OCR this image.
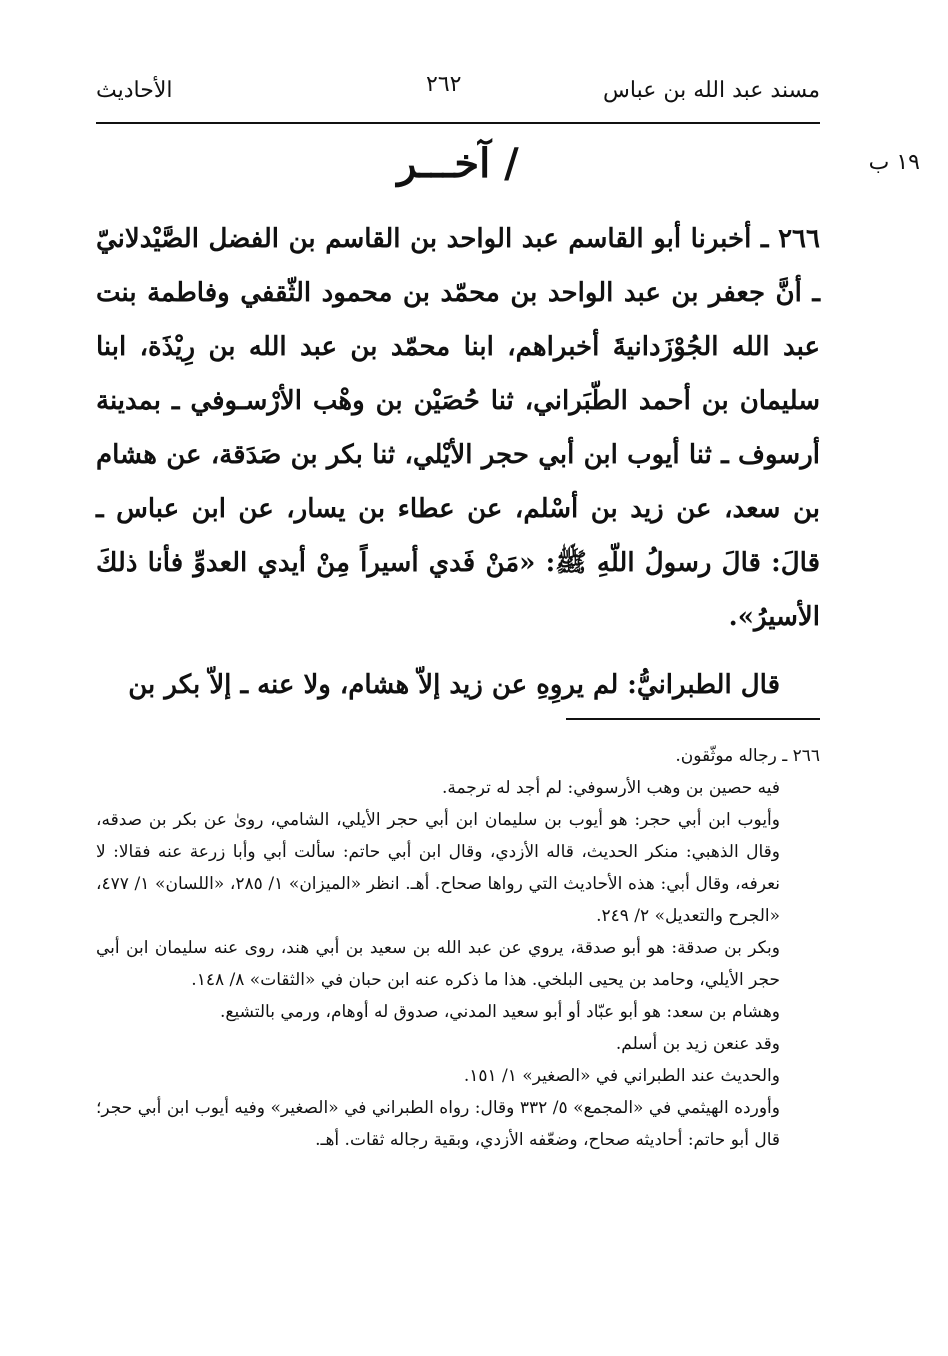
مسند عبد الله بن عباس
٢٦٢
الأحاديث
١٩ ب
/ آخـــر

٢٦٦ ـ أخبرنا أبو القاسم عبد الواحد بن القاسم بن الفضل الصَّيْدلانيّ ـ أنَّ جعفر بن عبد الواحد بن محمّد بن محمود الثّقفي وفاطمة بنت عبد الله الجُوْزَدانيةَ أخبراهم، ابنا محمّد بن عبد الله بن رِيْذَة، ابنا سليمان بن أحمد الطّبَراني، ثنا حُصَيْن بن وهْب الأرْسـوفي ـ بمدينة أرسوف ـ ثنا أيوب ابن أبي حجر الأيْلي، ثنا بكر بن صَدَقة، عن هشام بن سعد، عن زيد بن أسْلم، عن عطاء بن يسار، عن ابن عباس ـ قالَ: قالَ رسولُ اللّهِ ﷺ: «مَنْ فَدي أسيراً مِنْ أيدي العدوِّ فأنا ذلكَ الأسيرُ».

قال الطبرانيُّ: لم يروِهِ عن زيد إلاّ هشام، ولا عنه ـ إلاّ بكر بن

٢٦٦ ـ رجاله موثّقون.

فيه حصين بن وهب الأرسوفي: لم أجد له ترجمة.

وأيوب ابن أبي حجر: هو أيوب بن سليمان ابن أبي حجر الأيلي، الشامي، روىٰ عن بكر بن صدقه، وقال الذهبي: منكر الحديث، قاله الأزدي، وقال ابن أبي حاتم: سألت أبي وأبا زرعة عنه فقالا: لا نعرفه، وقال أبي: هذه الأحاديث التي رواها صحاح. أهـ. انظر «الميزان» ١/ ٢٨٥، «اللسان» ١/ ٤٧٧، «الجرح والتعديل» ٢/ ٢٤٩.

وبكر بن صدقة: هو أبو صدقة، يروي عن عبد الله بن سعيد بن أبي هند، روى عنه سليمان ابن أبي حجر الأيلي، وحامد بن يحيى البلخي. هذا ما ذكره عنه ابن حبان في «الثقات» ٨/ ١٤٨.

وهشام بن سعد: هو أبو عبّاد أو أبو سعيد المدني، صدوق له أوهام، ورمي بالتشيع.

وقد عنعن زيد بن أسلم.

والحديث عند الطبراني في «الصغير» ١/ ١٥١.

وأورده الهيثمي في «المجمع» ٥/ ٣٣٢ وقال: رواه الطبراني في «الصغير» وفيه أيوب ابن أبي حجر؛ قال أبو حاتم: أحاديثه صحاح، وضعّفه الأزدي، وبقية رجاله ثقات. أهـ.
